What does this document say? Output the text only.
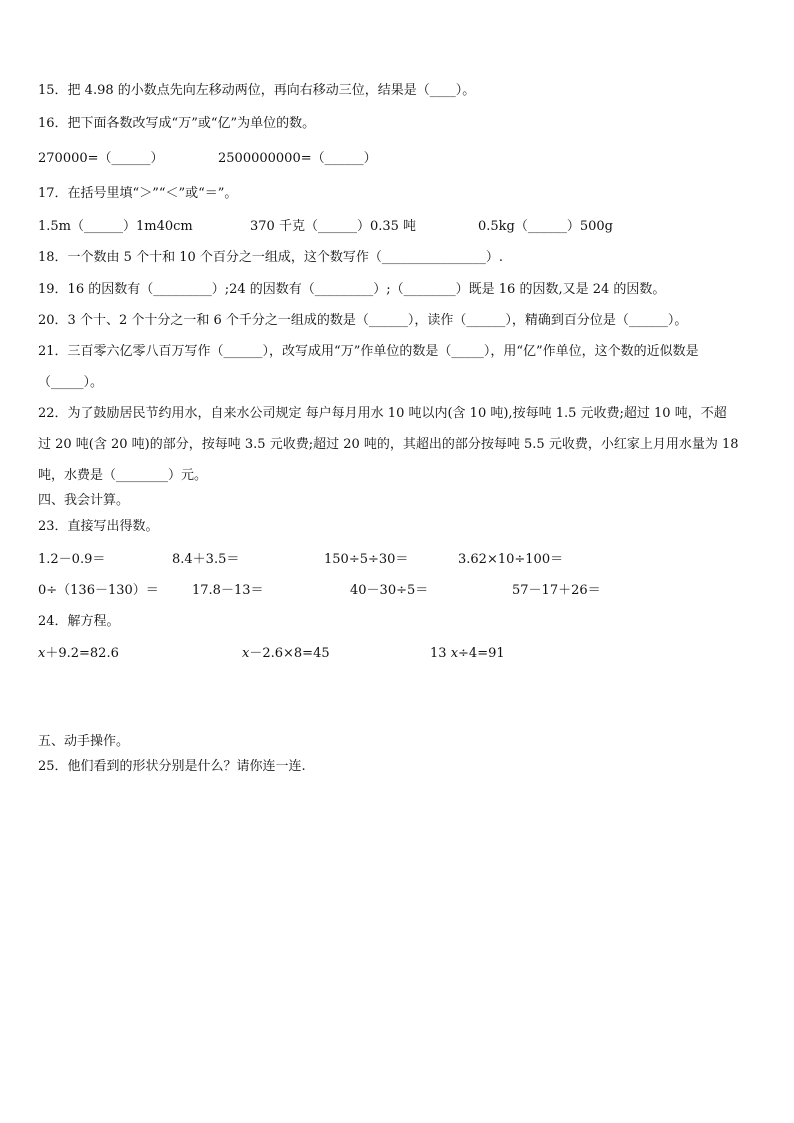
15．把 4.98 的小数点先向左移动两位，再向右移动三位，结果是（____）。
16．把下面各数改写成“万”或“亿”为单位的数。
270000=（______）	2500000000=（______）
17．在括号里填“＞”“＜”或“＝”。
1.5m（______）1m40cm	370 千克（______）0.35 吨	0.5kg（______）500g
18．一个数由 5 个十和 10 个百分之一组成，这个数写作（________________）.
19．16 的因数有（_________）;24 的因数有（_________）;（________）既是 16 的因数,又是 24 的因数。
20．3 个十、2 个十分之一和 6 个千分之一组成的数是（______），读作（______），精确到百分位是（______）。
21．三百零六亿零八百万写作（______），改写成用“万”作单位的数是（_____），用“亿”作单位，这个数的近似数是
（_____）。
22．为了鼓励居民节约用水，自来水公司规定 每户每月用水 10 吨以内(含 10 吨),按每吨 1.5 元收费;超过 10 吨，不超
过 20 吨(含 20 吨)的部分，按每吨 3.5 元收费;超过 20 吨的，其超出的部分按每吨 5.5 元收费，小红家上月用水量为 18
吨，水费是（________）元。
四、我会计算。
23．直接写出得数。
1.2－0.9＝	8.4＋3.5＝	150÷5÷30＝	3.62×10÷100＝
0÷（136－130）＝	17.8－13＝	40－30÷5＝	57－17＋26＝
24．解方程。
x＋9.2=82.6	x－2.6×8=45	13 x÷4=91
五、动手操作。
25．他们看到的形状分别是什么？请你连一连.
